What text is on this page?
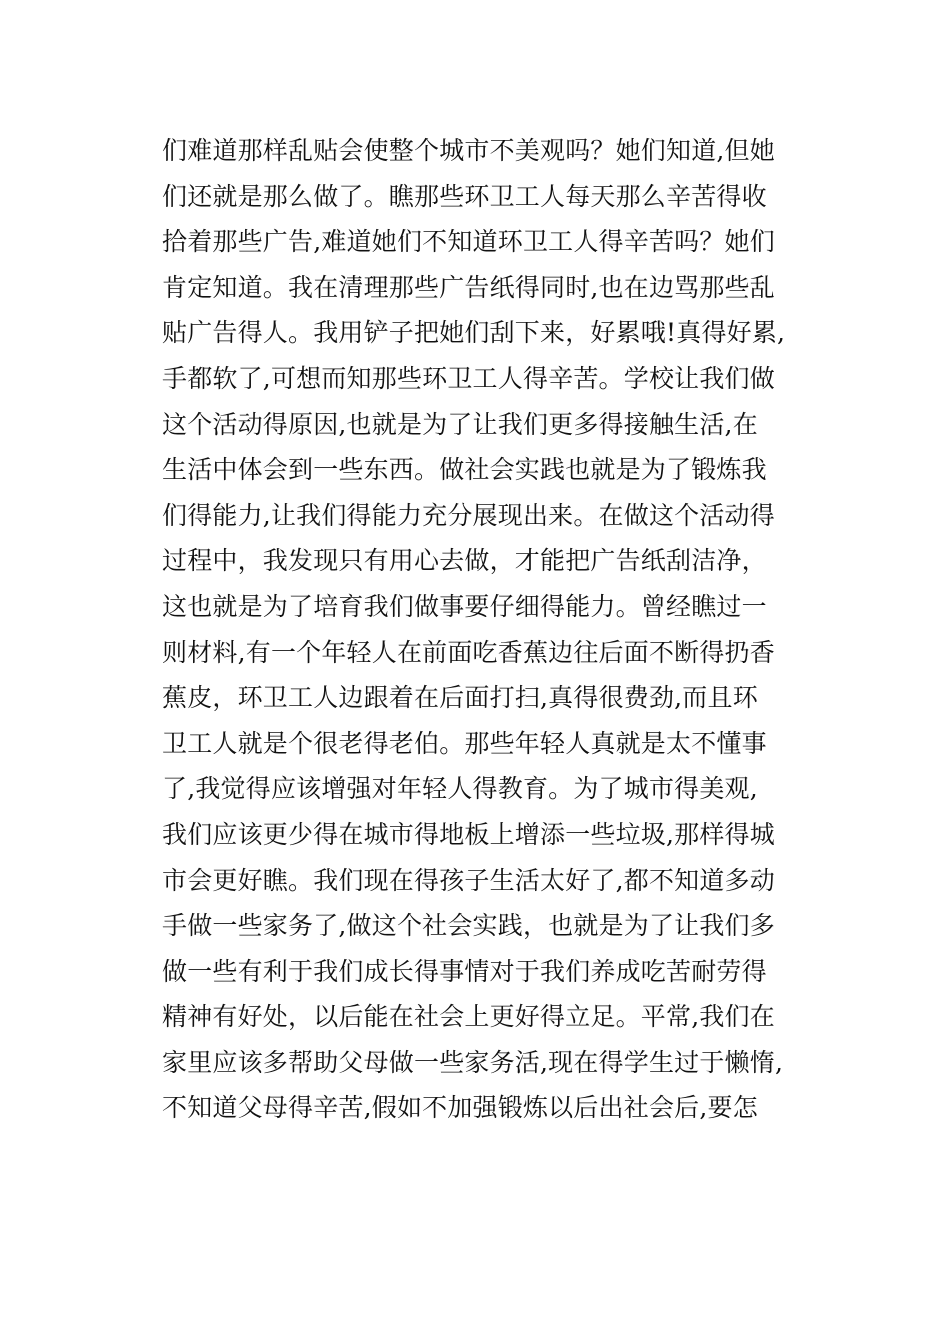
们难道那样乱贴会使整个城市不美观吗？她们知道,但她
们还就是那么做了。瞧那些环卫工人每天那么辛苦得收
拾着那些广告,难道她们不知道环卫工人得辛苦吗？她们
肯定知道。我在清理那些广告纸得同时,也在边骂那些乱
贴广告得人。我用铲子把她们刮下来，好累哦!真得好累,
手都软了,可想而知那些环卫工人得辛苦。学校让我们做
这个活动得原因,也就是为了让我们更多得接触生活,在
生活中体会到一些东西。做社会实践也就是为了锻炼我
们得能力,让我们得能力充分展现出来。在做这个活动得
过程中，我发现只有用心去做，才能把广告纸刮洁净，
这也就是为了培育我们做事要仔细得能力。曾经瞧过一
则材料,有一个年轻人在前面吃香蕉边往后面不断得扔香
蕉皮，环卫工人边跟着在后面打扫,真得很费劲,而且环
卫工人就是个很老得老伯。那些年轻人真就是太不懂事
了,我觉得应该增强对年轻人得教育。为了城市得美观,
我们应该更少得在城市得地板上增添一些垃圾,那样得城
市会更好瞧。我们现在得孩子生活太好了,都不知道多动
手做一些家务了,做这个社会实践，也就是为了让我们多
做一些有利于我们成长得事情对于我们养成吃苦耐劳得
精神有好处，以后能在社会上更好得立足。平常,我们在
家里应该多帮助父母做一些家务活,现在得学生过于懒惰,
不知道父母得辛苦,假如不加强锻炼以后出社会后,要怎
